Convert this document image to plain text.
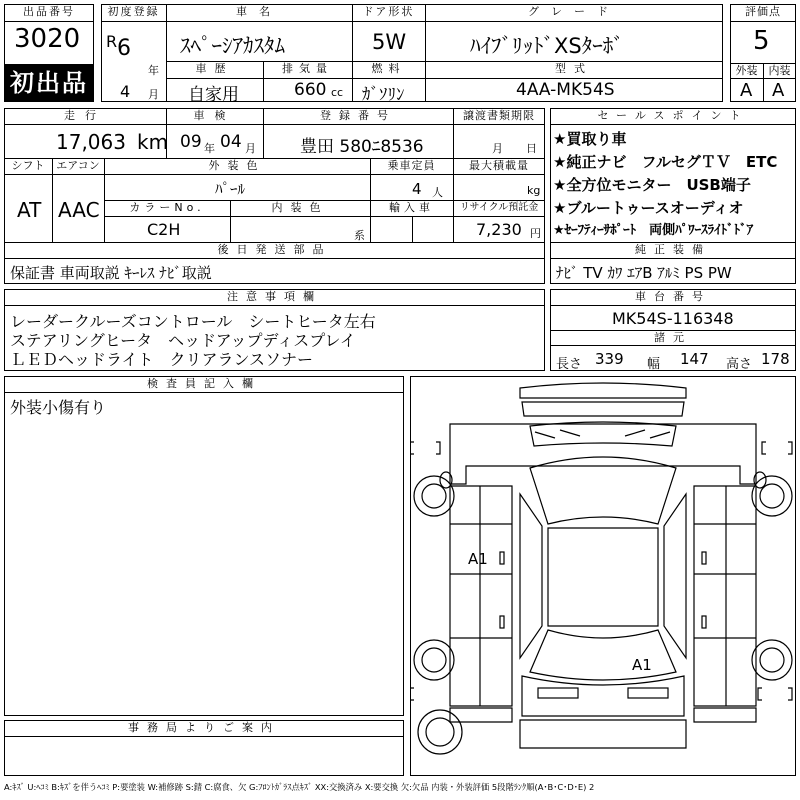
出品番号
3020
初出品
初度登録
R 6
年
4 月
車名
ｽﾍﾟｰｼｱｶｽﾀﾑ
ドア形状
5W
グレード
ﾊｲﾌﾞﾘｯﾄﾞXSﾀｰﾎﾞ
車歴
自家用
排気量
660 cc
燃料
ｶﾞｿﾘﾝ
型式
4AA-MK54S
評価点
5
外装	内装
A A
走行
17,063 km
車検
09 年 04 月
登録番号
豊田 580ﾆ8536
譲渡書類期限
月 日
シフト
AT
エアコン
AAC
外装色
ﾊﾟｰﾙ
乗車定員
4 人
最大積載量
kg
カラーNo.
C2H
内装色
系
輸入車	リサイクル預託金
7,230 円
後日発送部品
保証書 車両取説 ｷｰﾚｽ ﾅﾋﾞ取説
セールスポイント
★買取り車
★純正ナビ　フルセグＴＶ　ETC
★全方位モニター　USB端子
★ブルートゥースオーディオ
★ｾｰﾌﾃｨｰｻﾎﾟｰﾄ　両側ﾊﾟﾜｰｽﾗｲﾄﾞﾄﾞｱ
純正装備
ﾅﾋﾞ TV ｶﾜ ｴｱB ｱﾙﾐ PS PW
注意事項欄
レーダークルーズコントロール　シートヒータ左右
ステアリングヒータ　ヘッドアップディスプレイ
ＬＥＤヘッドライト　クリアランスソナー
車台番号
MK54S-116348
諸元
長さ 339 幅 147 高さ 178
検査員記入欄
外装小傷有り
事務局よりご案内
A1
A1
A:ｷｽﾞ U:ﾍｺﾐ B:ｷｽﾞを伴うﾍｺﾐ P:要塗装 W:補修跡 S:錆 C:腐食、欠 G:ﾌﾛﾝﾄｶﾞﾗｽ点ｷｽﾞ XX:交換済み X:要交換 欠:欠品 内装・外装評価 5段階ﾗﾝｸ順(A･B･C･D･E) 2
